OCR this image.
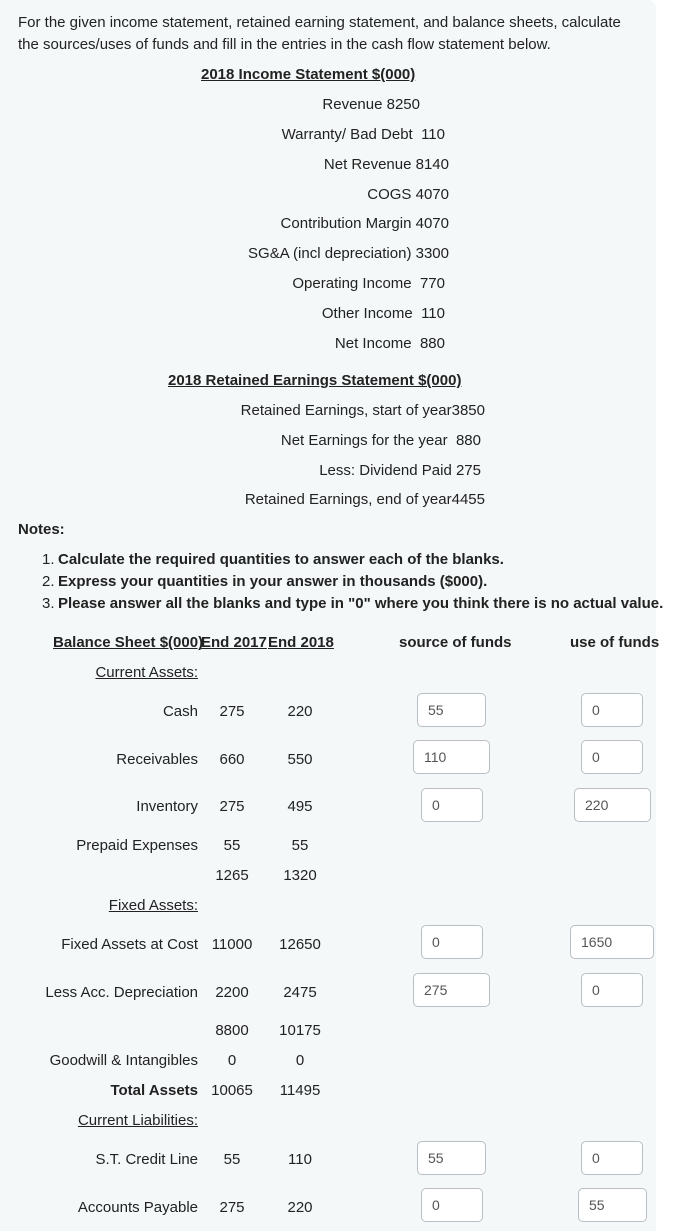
For the given income statement, retained earning statement, and balance sheets, calculate the sources/uses of funds and fill in the entries in the cash flow statement below.
2018 Income Statement $(000)
Revenue 8250
Warranty/ Bad Debt 110
Net Revenue 8140
COGS 4070
Contribution Margin 4070
SG&A (incl depreciation) 3300
Operating Income 770
Other Income 110
Net Income 880
2018 Retained Earnings Statement $(000)
Retained Earnings, start of year3850
Net Earnings for the year 880
Less: Dividend Paid 275
Retained Earnings, end of year4455
Notes:
1. Calculate the required quantities to answer each of the blanks.
2. Express your quantities in your answer in thousands ($000).
3. Please answer all the blanks and type in "0" where you think there is no actual value.
Balance Sheet $(000)
End 2017 End 2018	source of funds	use of funds
Current Assets:
Fixed Assets:
Current Liabilities:
Cash
Receivables
Inventory
Prepaid Expenses
Fixed Assets at Cost
Less Acc. Depreciation
Goodwill & Intangibles
Total Assets
S.T. Credit Line
Accounts Payable
275
660
275
55
1265
11000
2200
8800
0
10065
55
275
220
550
495
55
1320
12650
2475
10175
0
11495
110
220
55
110
0
0
275
55
0
0
0
220
1650
0
0
55
